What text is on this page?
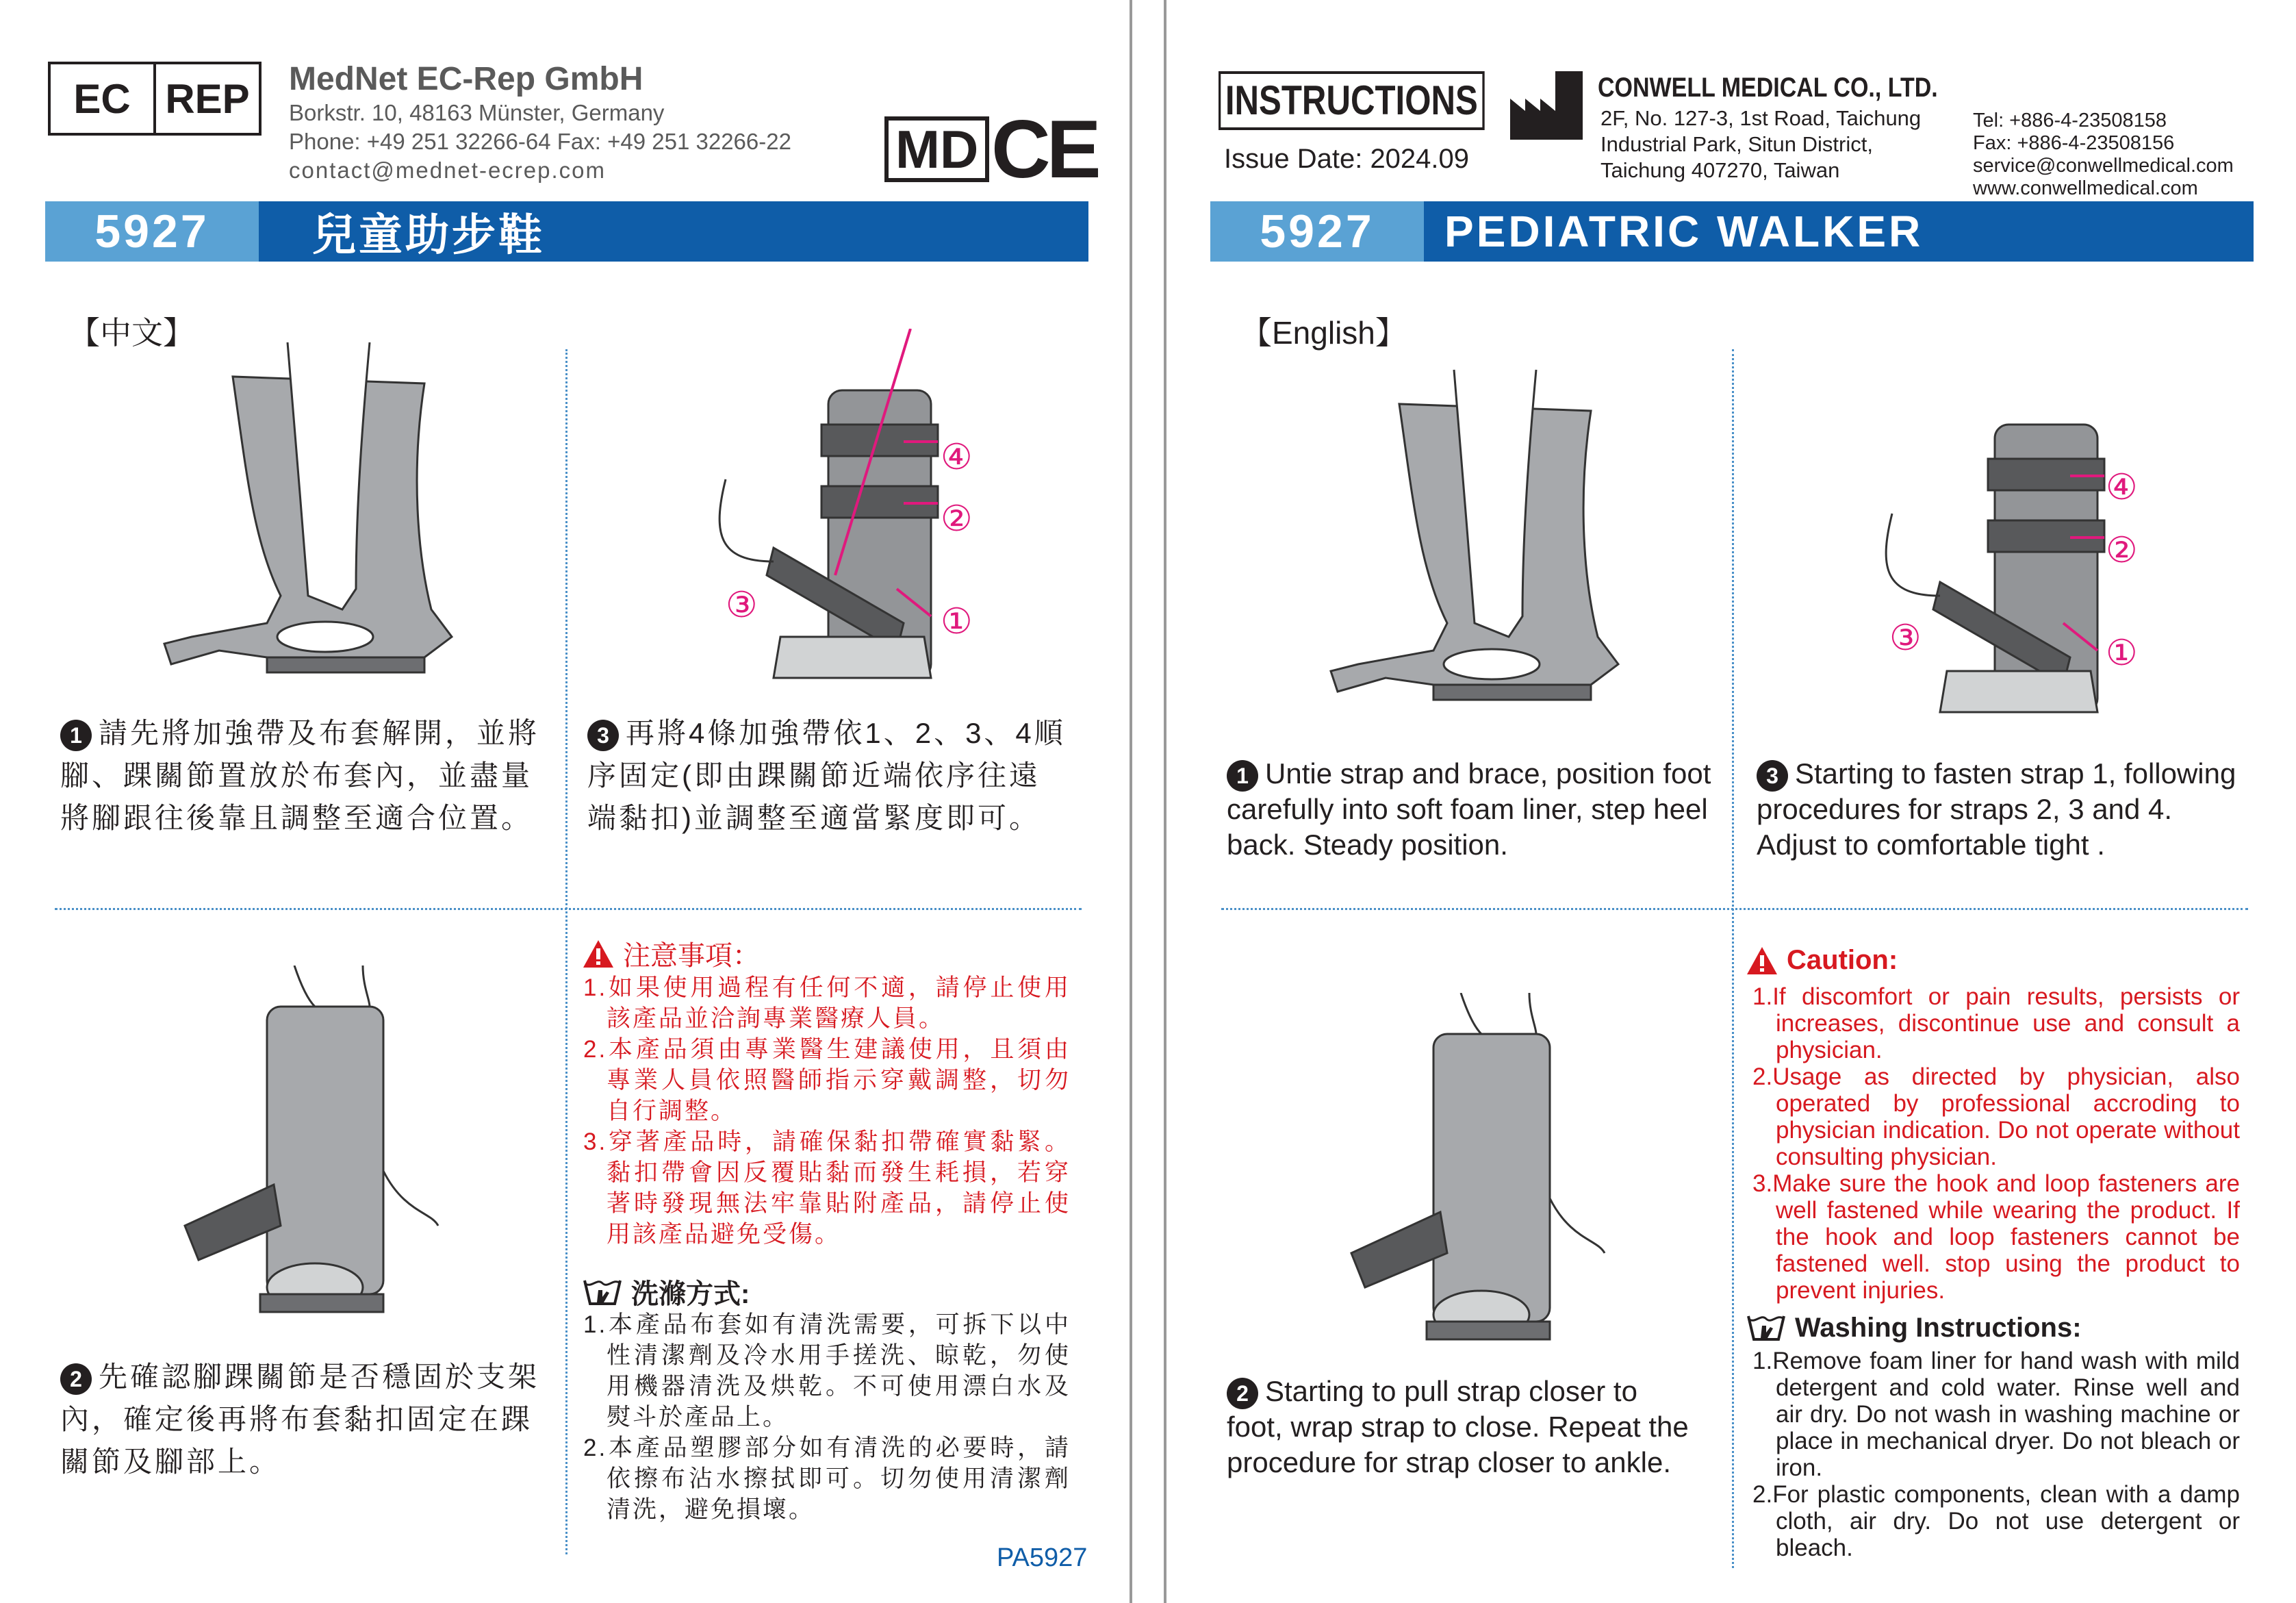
EC REP MedNet EC-Rep GmbH
Borkstr. 10, 48163 Münster, Germany
Phone: +49 251 32266-64 Fax: +49 251 32266-22
contact@mednet-ecrep.com	MD CE
5927	兒童助步鞋
【中文】
④
②
③	①
1 請先將加強帶及布套解開，並將腳、踝關節置放於布套內，並盡量將腳跟往後靠且調整至適合位置。
3 再將4條加強帶依1、2、3、4順序固定(即由踝關節近端依序往遠端黏扣)並調整至適當緊度即可。
2 先確認腳踝關節是否穩固於支架內，確定後再將布套黏扣固定在踝關節及腳部上。
注意事項：
1.如果使用過程有任何不適，請停止使用該產品並洽詢專業醫療人員。
2.本產品須由專業醫生建議使用，且須由專業人員依照醫師指示穿戴調整，切勿自行調整。
3.穿著產品時，請確保黏扣帶確實黏緊。黏扣帶會因反覆貼黏而發生耗損，若穿著時發現無法牢靠貼附產品，請停止使用該產品避免受傷。
洗滌方式:
1.本產品布套如有清洗需要，可拆下以中性清潔劑及冷水用手搓洗、晾乾，勿使用機器清洗及烘乾。不可使用漂白水及熨斗於產品上。
2.本產品塑膠部分如有清洗的必要時，請依擦布沾水擦拭即可。切勿使用清潔劑清洗，避免損壞。
PA5927
INSTRUCTIONS
Issue Date: 2024.09
CONWELL MEDICAL CO., LTD.
2F, No. 127-3, 1st Road, Taichung
Industrial Park, Situn District,
Taichung 407270, Taiwan
Tel: +886-4-23508158
Fax: +886-4-23508156
service@conwellmedical.com
www.conwellmedical.com
5927	PEDIATRIC WALKER
【English】
④
②
③	①
1 Untie strap and brace, position foot carefully into soft foam liner, step heel back. Steady position.
3 Starting to fasten strap 1, following procedures for straps 2, 3 and 4. Adjust to comfortable tight .
2 Starting to pull strap closer to foot, wrap strap to close. Repeat the procedure for strap closer to ankle.
Caution:
1.If discomfort or pain results, persists or increases, discontinue use and consult a physician.
2.Usage as directed by physician, also operated by professional accroding to physician indication. Do not operate without consulting physician.
3.Make sure the hook and loop fasteners are well fastened while wearing the product. If the hook and loop fasteners cannot be fastened well. stop using the product to prevent injuries.
Washing Instructions:
1.Remove foam liner for hand wash with mild detergent and cold water. Rinse well and air dry. Do not wash in washing machine or place in mechanical dryer. Do not bleach or iron.
2.For plastic components, clean with a damp cloth, air dry. Do not use detergent or bleach.
